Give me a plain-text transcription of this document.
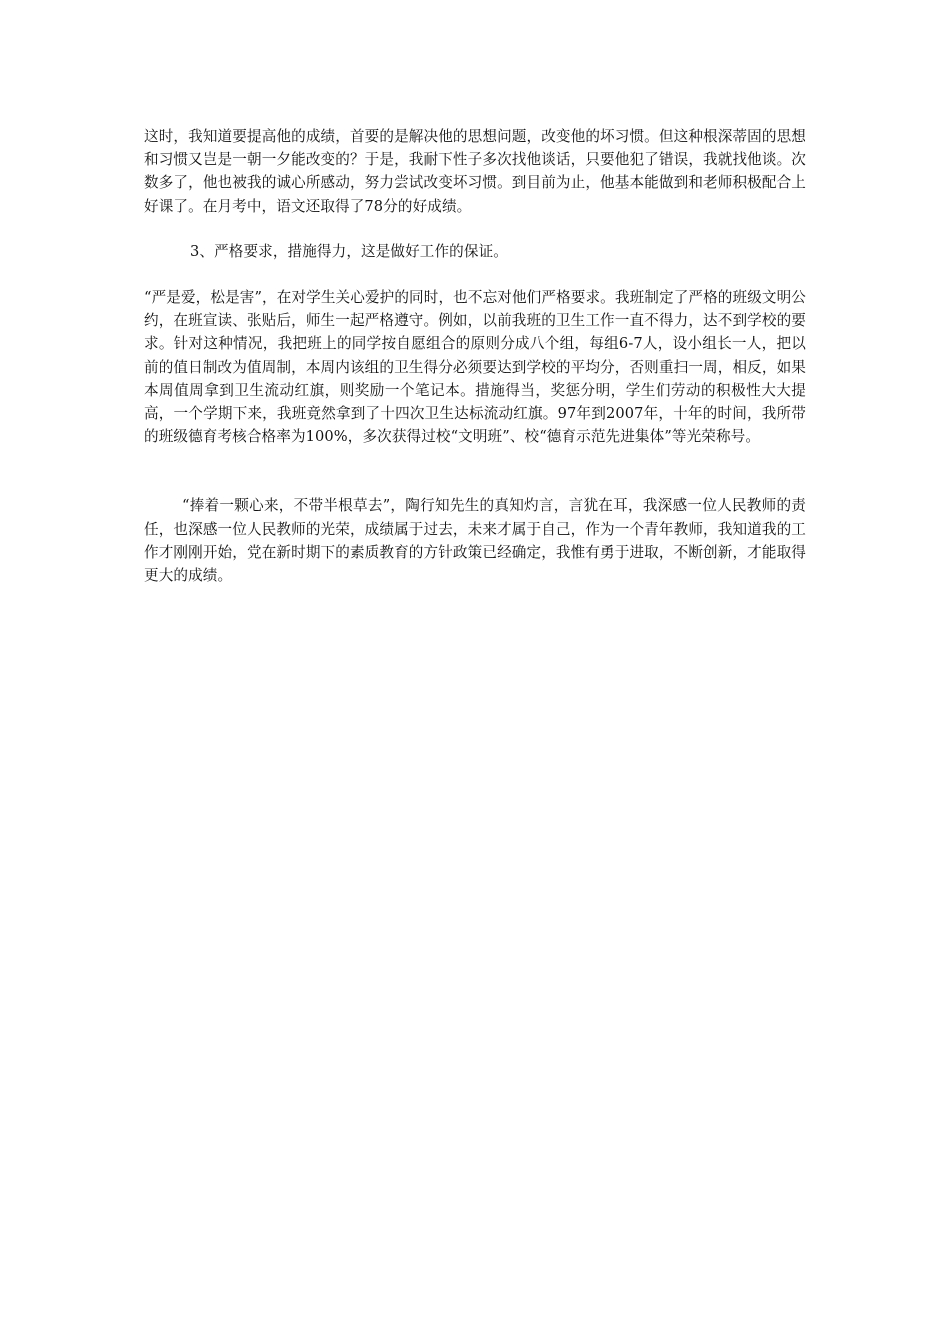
这时，我知道要提高他的成绩，首要的是解决他的思想问题，改变他的坏习惯。但这种根深蒂固的思想和习惯又岂是一朝一夕能改变的？于是，我耐下性子多次找他谈话，只要他犯了错误，我就找他谈。次数多了，他也被我的诚心所感动，努力尝试改变坏习惯。到目前为止，他基本能做到和老师积极配合上好课了。在月考中，语文还取得了78分的好成绩。

3、严格要求，措施得力，这是做好工作的保证。

“严是爱，松是害”，在对学生关心爱护的同时，也不忘对他们严格要求。我班制定了严格的班级文明公约，在班宣读、张贴后，师生一起严格遵守。例如，以前我班的卫生工作一直不得力，达不到学校的要求。针对这种情况，我把班上的同学按自愿组合的原则分成八个组，每组6-7人，设小组长一人，把以前的值日制改为值周制，本周内该组的卫生得分必须要达到学校的平均分，否则重扫一周，相反，如果本周值周拿到卫生流动红旗，则奖励一个笔记本。措施得当，奖惩分明，学生们劳动的积极性大大提高，一个学期下来，我班竟然拿到了十四次卫生达标流动红旗。97年到2007年，十年的时间，我所带的班级德育考核合格率为100%，多次获得过校“文明班”、校“德育示范先进集体”等光荣称号。

“捧着一颗心来，不带半根草去”，陶行知先生的真知灼言，言犹在耳，我深感一位人民教师的责任，也深感一位人民教师的光荣，成绩属于过去，未来才属于自己，作为一个青年教师，我知道我的工作才刚刚开始，党在新时期下的素质教育的方针政策已经确定，我惟有勇于进取，不断创新，才能取得更大的成绩。
